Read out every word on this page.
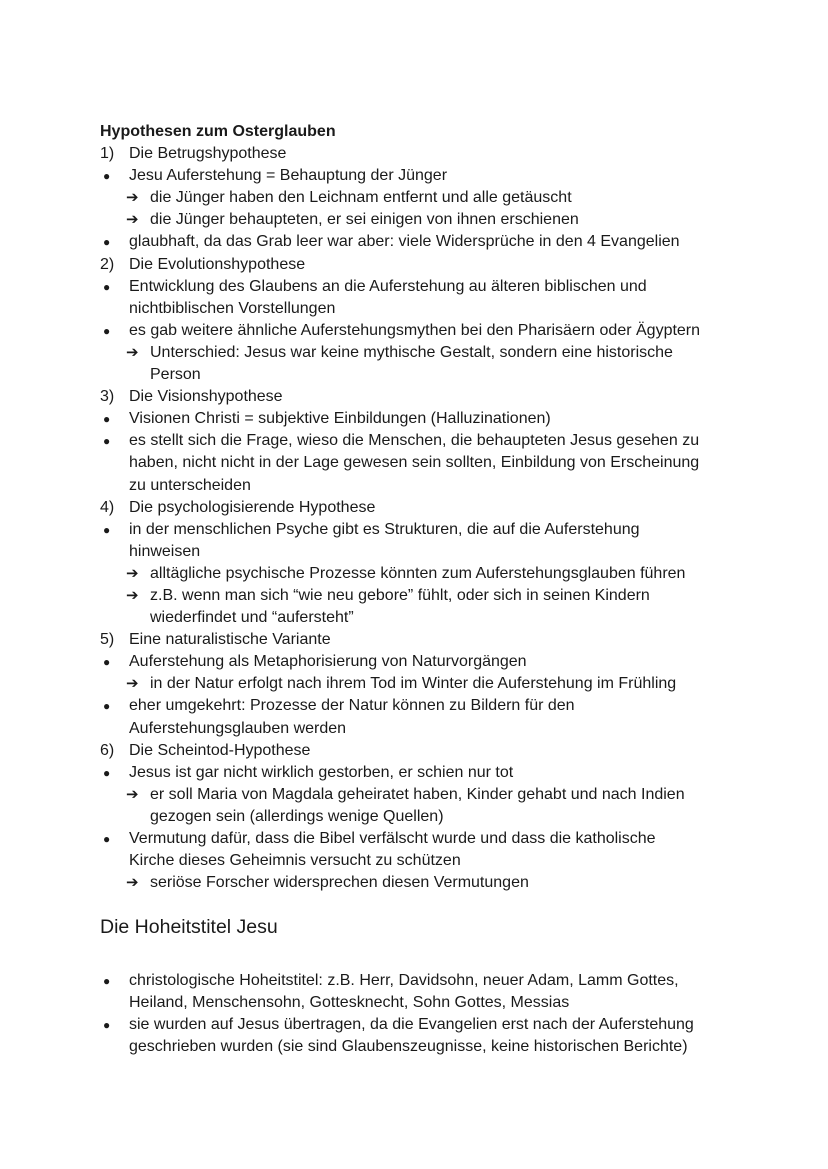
Hypothesen zum Osterglauben
1) Die Betrugshypothese
● Jesu Auferstehung = Behauptung der Jünger
➔ die Jünger haben den Leichnam entfernt und alle getäuscht
➔ die Jünger behaupteten, er sei einigen von ihnen erschienen
● glaubhaft, da das Grab leer war aber: viele Widersprüche in den 4 Evangelien
2) Die Evolutionshypothese
● Entwicklung des Glaubens an die Auferstehung au älteren biblischen und
nichtbiblischen Vorstellungen
● es gab weitere ähnliche Auferstehungsmythen bei den Pharisäern oder Ägyptern
➔ Unterschied: Jesus war keine mythische Gestalt, sondern eine historische
Person
3) Die Visionshypothese
● Visionen Christi = subjektive Einbildungen (Halluzinationen)
● es stellt sich die Frage, wieso die Menschen, die behaupteten Jesus gesehen zu
haben, nicht nicht in der Lage gewesen sein sollten, Einbildung von Erscheinung
zu unterscheiden
4) Die psychologisierende Hypothese
● in der menschlichen Psyche gibt es Strukturen, die auf die Auferstehung
hinweisen
➔ alltägliche psychische Prozesse könnten zum Auferstehungsglauben führen
➔ z.B. wenn man sich “wie neu gebore” fühlt, oder sich in seinen Kindern
wiederfindet und “aufersteht”
5) Eine naturalistische Variante
● Auferstehung als Metaphorisierung von Naturvorgängen
➔ in der Natur erfolgt nach ihrem Tod im Winter die Auferstehung im Frühling
● eher umgekehrt: Prozesse der Natur können zu Bildern für den
Auferstehungsglauben werden
6) Die Scheintod-Hypothese
● Jesus ist gar nicht wirklich gestorben, er schien nur tot
➔ er soll Maria von Magdala geheiratet haben, Kinder gehabt und nach Indien
gezogen sein (allerdings wenige Quellen)
● Vermutung dafür, dass die Bibel verfälscht wurde und dass die katholische
Kirche dieses Geheimnis versucht zu schützen
➔ seriöse Forscher widersprechen diesen Vermutungen
Die Hoheitstitel Jesu
● christologische Hoheitstitel: z.B. Herr, Davidsohn, neuer Adam, Lamm Gottes,
Heiland, Menschensohn, Gottesknecht, Sohn Gottes, Messias
● sie wurden auf Jesus übertragen, da die Evangelien erst nach der Auferstehung
geschrieben wurden (sie sind Glaubenszeugnisse, keine historischen Berichte)
